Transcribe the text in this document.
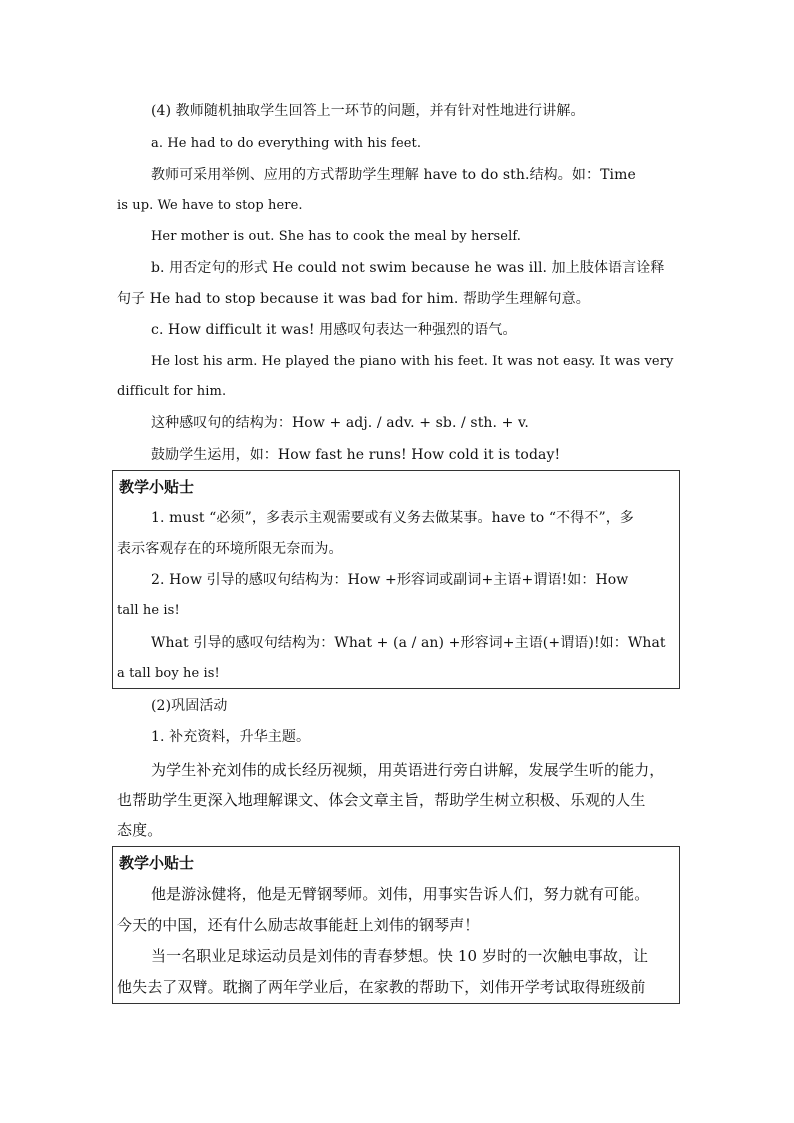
(4) 教师随机抽取学生回答上一环节的问题，并有针对性地进行讲解。
a. He had to do everything with his feet.
教师可采用举例、应用的方式帮助学生理解 have to do sth.结构。如：Time
is up. We have to stop here.
Her mother is out. She has to cook the meal by herself.
b. 用否定句的形式 He could not swim because he was ill. 加上肢体语言诠释
句子 He had to stop because it was bad for him. 帮助学生理解句意。
c. How difficult it was! 用感叹句表达一种强烈的语气。
He lost his arm. He played the piano with his feet. It was not easy. It was very
difficult for him.
这种感叹句的结构为：How + adj. / adv. + sb. / sth. + v.
鼓励学生运用，如：How fast he runs! How cold it is today!
教学小贴士
1. must “必须”，多表示主观需要或有义务去做某事。have to “不得不”，多
表示客观存在的环境所限无奈而为。
2. How 引导的感叹句结构为：How +形容词或副词+主语+谓语!如：How
tall he is!
What 引导的感叹句结构为：What + (a / an) +形容词+主语(+谓语)!如：What
a tall boy he is!
(2)巩固活动
1. 补充资料，升华主题。
为学生补充刘伟的成长经历视频，用英语进行旁白讲解，发展学生听的能力，
也帮助学生更深入地理解课文、体会文章主旨，帮助学生树立积极、乐观的人生
态度。
教学小贴士
他是游泳健将，他是无臂钢琴师。刘伟，用事实告诉人们，努力就有可能。
今天的中国，还有什么励志故事能赶上刘伟的钢琴声！
当一名职业足球运动员是刘伟的青春梦想。快 10 岁时的一次触电事故，让
他失去了双臂。耽搁了两年学业后，在家教的帮助下，刘伟开学考试取得班级前
